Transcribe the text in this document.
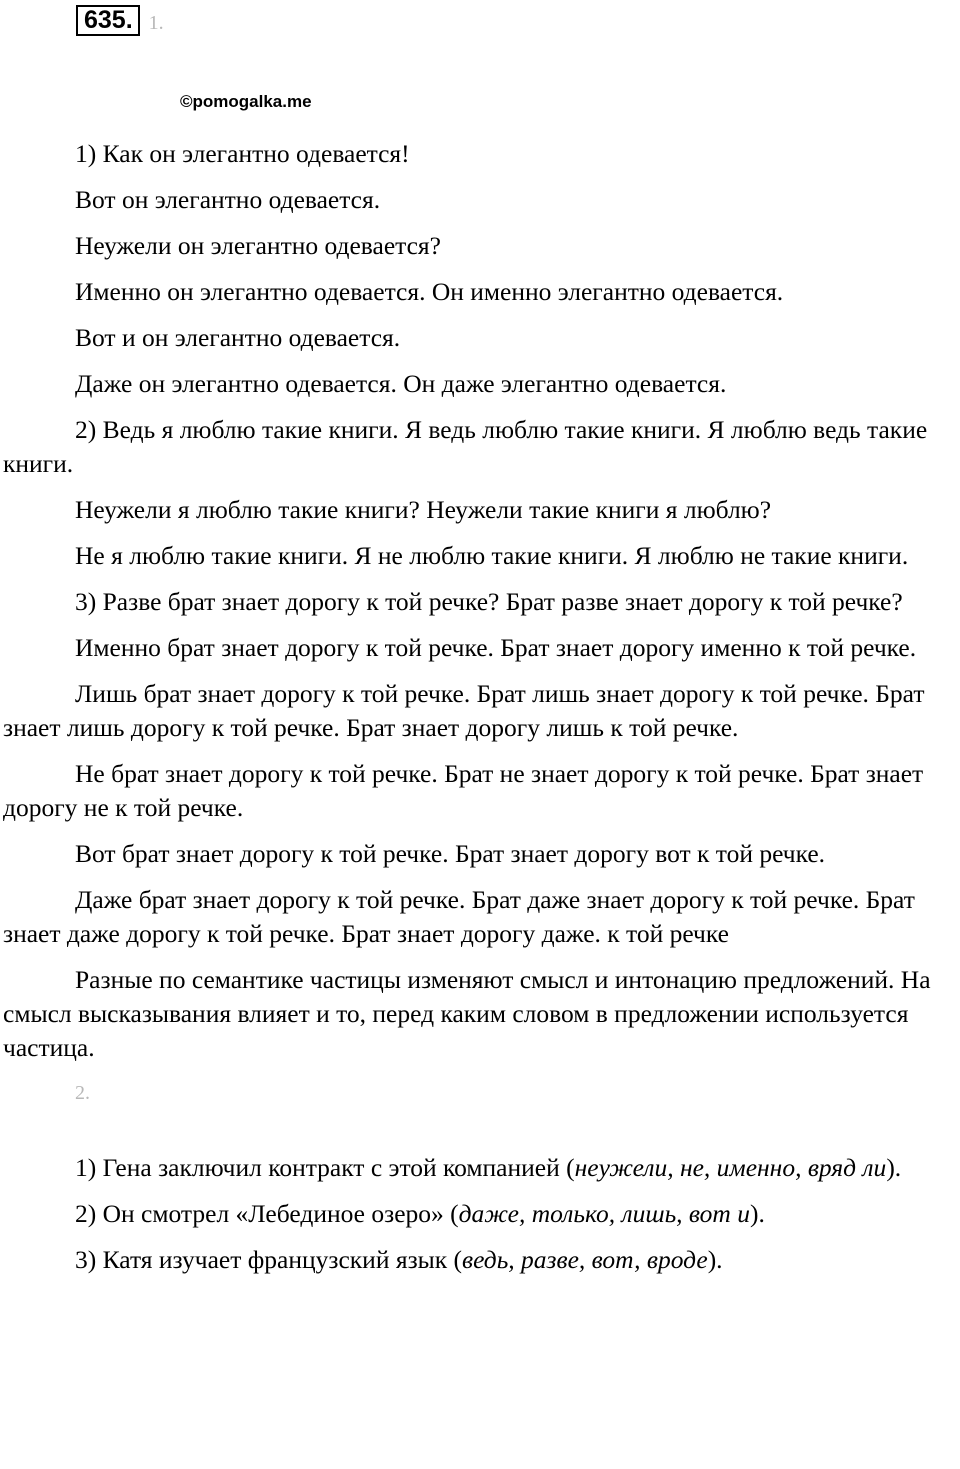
635. 1.
©pomogalka.me

1) Как он элегантно одевается!

Вот он элегантно одевается.

Неужели он элегантно одевается?

Именно он элегантно одевается. Он именно элегантно одевается.

Вот и он элегантно одевается.

Даже он элегантно одевается. Он даже элегантно одевается.

2) Ведь я люблю такие книги. Я ведь люблю такие книги. Я люблю ведь такие книги.

Неужели я люблю такие книги? Неужели такие книги я люблю?

Не я люблю такие книги. Я не люблю такие книги. Я люблю не такие книги.

3) Разве брат знает дорогу к той речке? Брат разве знает дорогу к той речке?

Именно брат знает дорогу к той речке. Брат знает дорогу именно к той речке.

Лишь брат знает дорогу к той речке. Брат лишь знает дорогу к той речке. Брат знает лишь дорогу к той речке. Брат знает дорогу лишь к той речке.

Не брат знает дорогу к той речке. Брат не знает дорогу к той речке. Брат знает дорогу не к той речке.

Вот брат знает дорогу к той речке. Брат знает дорогу вот к той речке.

Даже брат знает дорогу к той речке. Брат даже знает дорогу к той речке. Брат знает даже дорогу к той речке. Брат знает дорогу даже. к той речке

Разные по семантике частицы изменяют смысл и интонацию предложений. На смысл высказывания влияет и то, перед каким словом в предложении используется частица.

2.

1) Гена заключил контракт с этой компанией (неужели, не, именно, вряд ли).

2) Он смотрел «Лебединое озеро» (даже, только, лишь, вот и).

3) Катя изучает французский язык (ведь, разве, вот, вроде).
